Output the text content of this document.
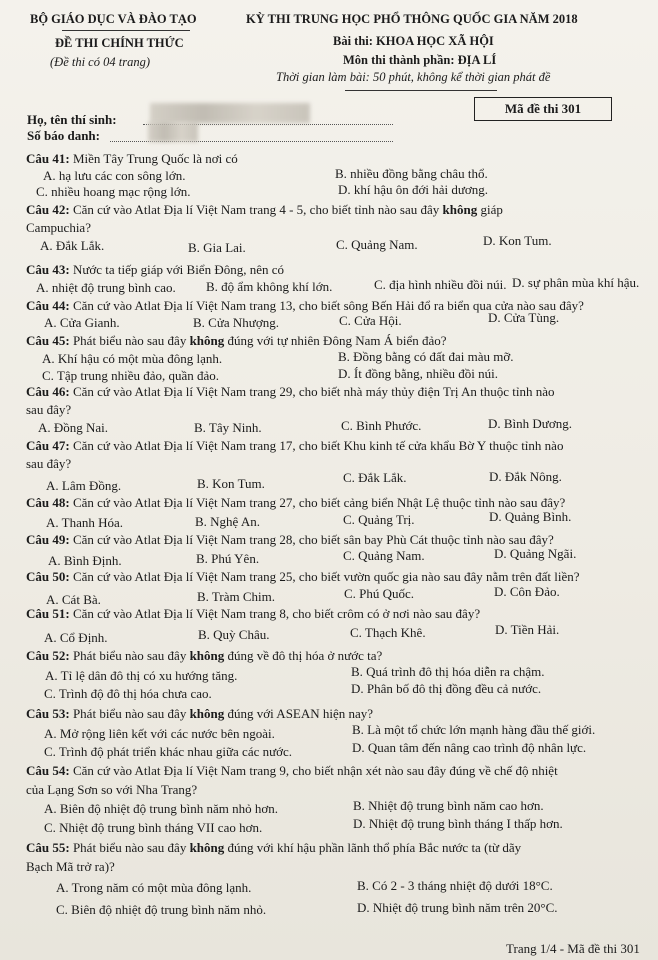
BỘ GIÁO DỤC VÀ ĐÀO TẠO	KỲ THI TRUNG HỌC PHỔ THÔNG QUỐC GIA NĂM 2018
ĐỀ THI CHÍNH THỨC	Bài thi: KHOA HỌC XÃ HỘI
(Đề thi có 04 trang)	Môn thi thành phần: ĐỊA LÍ
Thời gian làm bài: 50 phút, không kể thời gian phát đề
Họ, tên thí sinh:
Số báo danh:
Mã đề thi 301
Câu 41: Miền Tây Trung Quốc là nơi có
A. hạ lưu các con sông lớn.	B. nhiều đồng bằng châu thổ.
C. nhiều hoang mạc rộng lớn.	D. khí hậu ôn đới hải dương.
Câu 42: Căn cứ vào Atlat Địa lí Việt Nam trang 4 - 5, cho biết tỉnh nào sau đây không giáp
Campuchia?
A. Đắk Lắk.	B. Gia Lai.	C. Quảng Nam.	D. Kon Tum.
Câu 43: Nước ta tiếp giáp với Biển Đông, nên có
A. nhiệt độ trung bình cao. B. độ ẩm không khí lớn.	C. địa hình nhiều đồi núi. D. sự phân mùa khí hậu.
Câu 44: Căn cứ vào Atlat Địa lí Việt Nam trang 13, cho biết sông Bến Hải đổ ra biển qua cửa nào sau đây?
A. Cửa Gianh.	B. Cửa Nhượng.	C. Cửa Hội.	D. Cửa Tùng.
Câu 45: Phát biểu nào sau đây không đúng với tự nhiên Đông Nam Á biển đảo?
A. Khí hậu có một mùa đông lạnh.	B. Đồng bằng có đất đai màu mỡ.
C. Tập trung nhiều đảo, quần đảo.	D. Ít đồng bằng, nhiều đồi núi.
Câu 46: Căn cứ vào Atlat Địa lí Việt Nam trang 29, cho biết nhà máy thủy điện Trị An thuộc tỉnh nào
sau đây?
A. Đồng Nai.	B. Tây Ninh.	C. Bình Phước.	D. Bình Dương.
Câu 47: Căn cứ vào Atlat Địa lí Việt Nam trang 17, cho biết Khu kinh tế cửa khẩu Bờ Y thuộc tỉnh nào
sau đây?
A. Lâm Đồng.	B. Kon Tum.	C. Đắk Lắk.	D. Đắk Nông.
Câu 48: Căn cứ vào Atlat Địa lí Việt Nam trang 27, cho biết cảng biển Nhật Lệ thuộc tỉnh nào sau đây?
A. Thanh Hóa.	B. Nghệ An.	C. Quảng Trị.	D. Quảng Bình.
Câu 49: Căn cứ vào Atlat Địa lí Việt Nam trang 28, cho biết sân bay Phù Cát thuộc tỉnh nào sau đây?
A. Bình Định.	B. Phú Yên.	C. Quảng Nam.	D. Quảng Ngãi.
Câu 50: Căn cứ vào Atlat Địa lí Việt Nam trang 25, cho biết vườn quốc gia nào sau đây nằm trên đất liền?
A. Cát Bà.	B. Tràm Chim.	C. Phú Quốc.	D. Côn Đảo.
Câu 51: Căn cứ vào Atlat Địa lí Việt Nam trang 8, cho biết crôm có ở nơi nào sau đây?
A. Cổ Định.	B. Quỳ Châu.	C. Thạch Khê.	D. Tiền Hải.
Câu 52: Phát biểu nào sau đây không đúng về đô thị hóa ở nước ta?
A. Tỉ lệ dân đô thị có xu hướng tăng.	B. Quá trình đô thị hóa diễn ra chậm.
C. Trình độ đô thị hóa chưa cao.	D. Phân bố đô thị đồng đều cả nước.
Câu 53: Phát biểu nào sau đây không đúng với ASEAN hiện nay?
A. Mở rộng liên kết với các nước bên ngoài.	B. Là một tổ chức lớn mạnh hàng đầu thế giới.
C. Trình độ phát triển khác nhau giữa các nước.	D. Quan tâm đến nâng cao trình độ nhân lực.
Câu 54: Căn cứ vào Atlat Địa lí Việt Nam trang 9, cho biết nhận xét nào sau đây đúng về chế độ nhiệt
của Lạng Sơn so với Nha Trang?
A. Biên độ nhiệt độ trung bình năm nhỏ hơn.	B. Nhiệt độ trung bình năm cao hơn.
C. Nhiệt độ trung bình tháng VII cao hơn.	D. Nhiệt độ trung bình tháng I thấp hơn.
Câu 55: Phát biểu nào sau đây không đúng với khí hậu phần lãnh thổ phía Bắc nước ta (từ dãy
Bạch Mã trở ra)?
A. Trong năm có một mùa đông lạnh.	B. Có 2 - 3 tháng nhiệt độ dưới 18°C.
C. Biên độ nhiệt độ trung bình năm nhỏ.	D. Nhiệt độ trung bình năm trên 20°C.
Trang 1/4 - Mã đề thi 301
